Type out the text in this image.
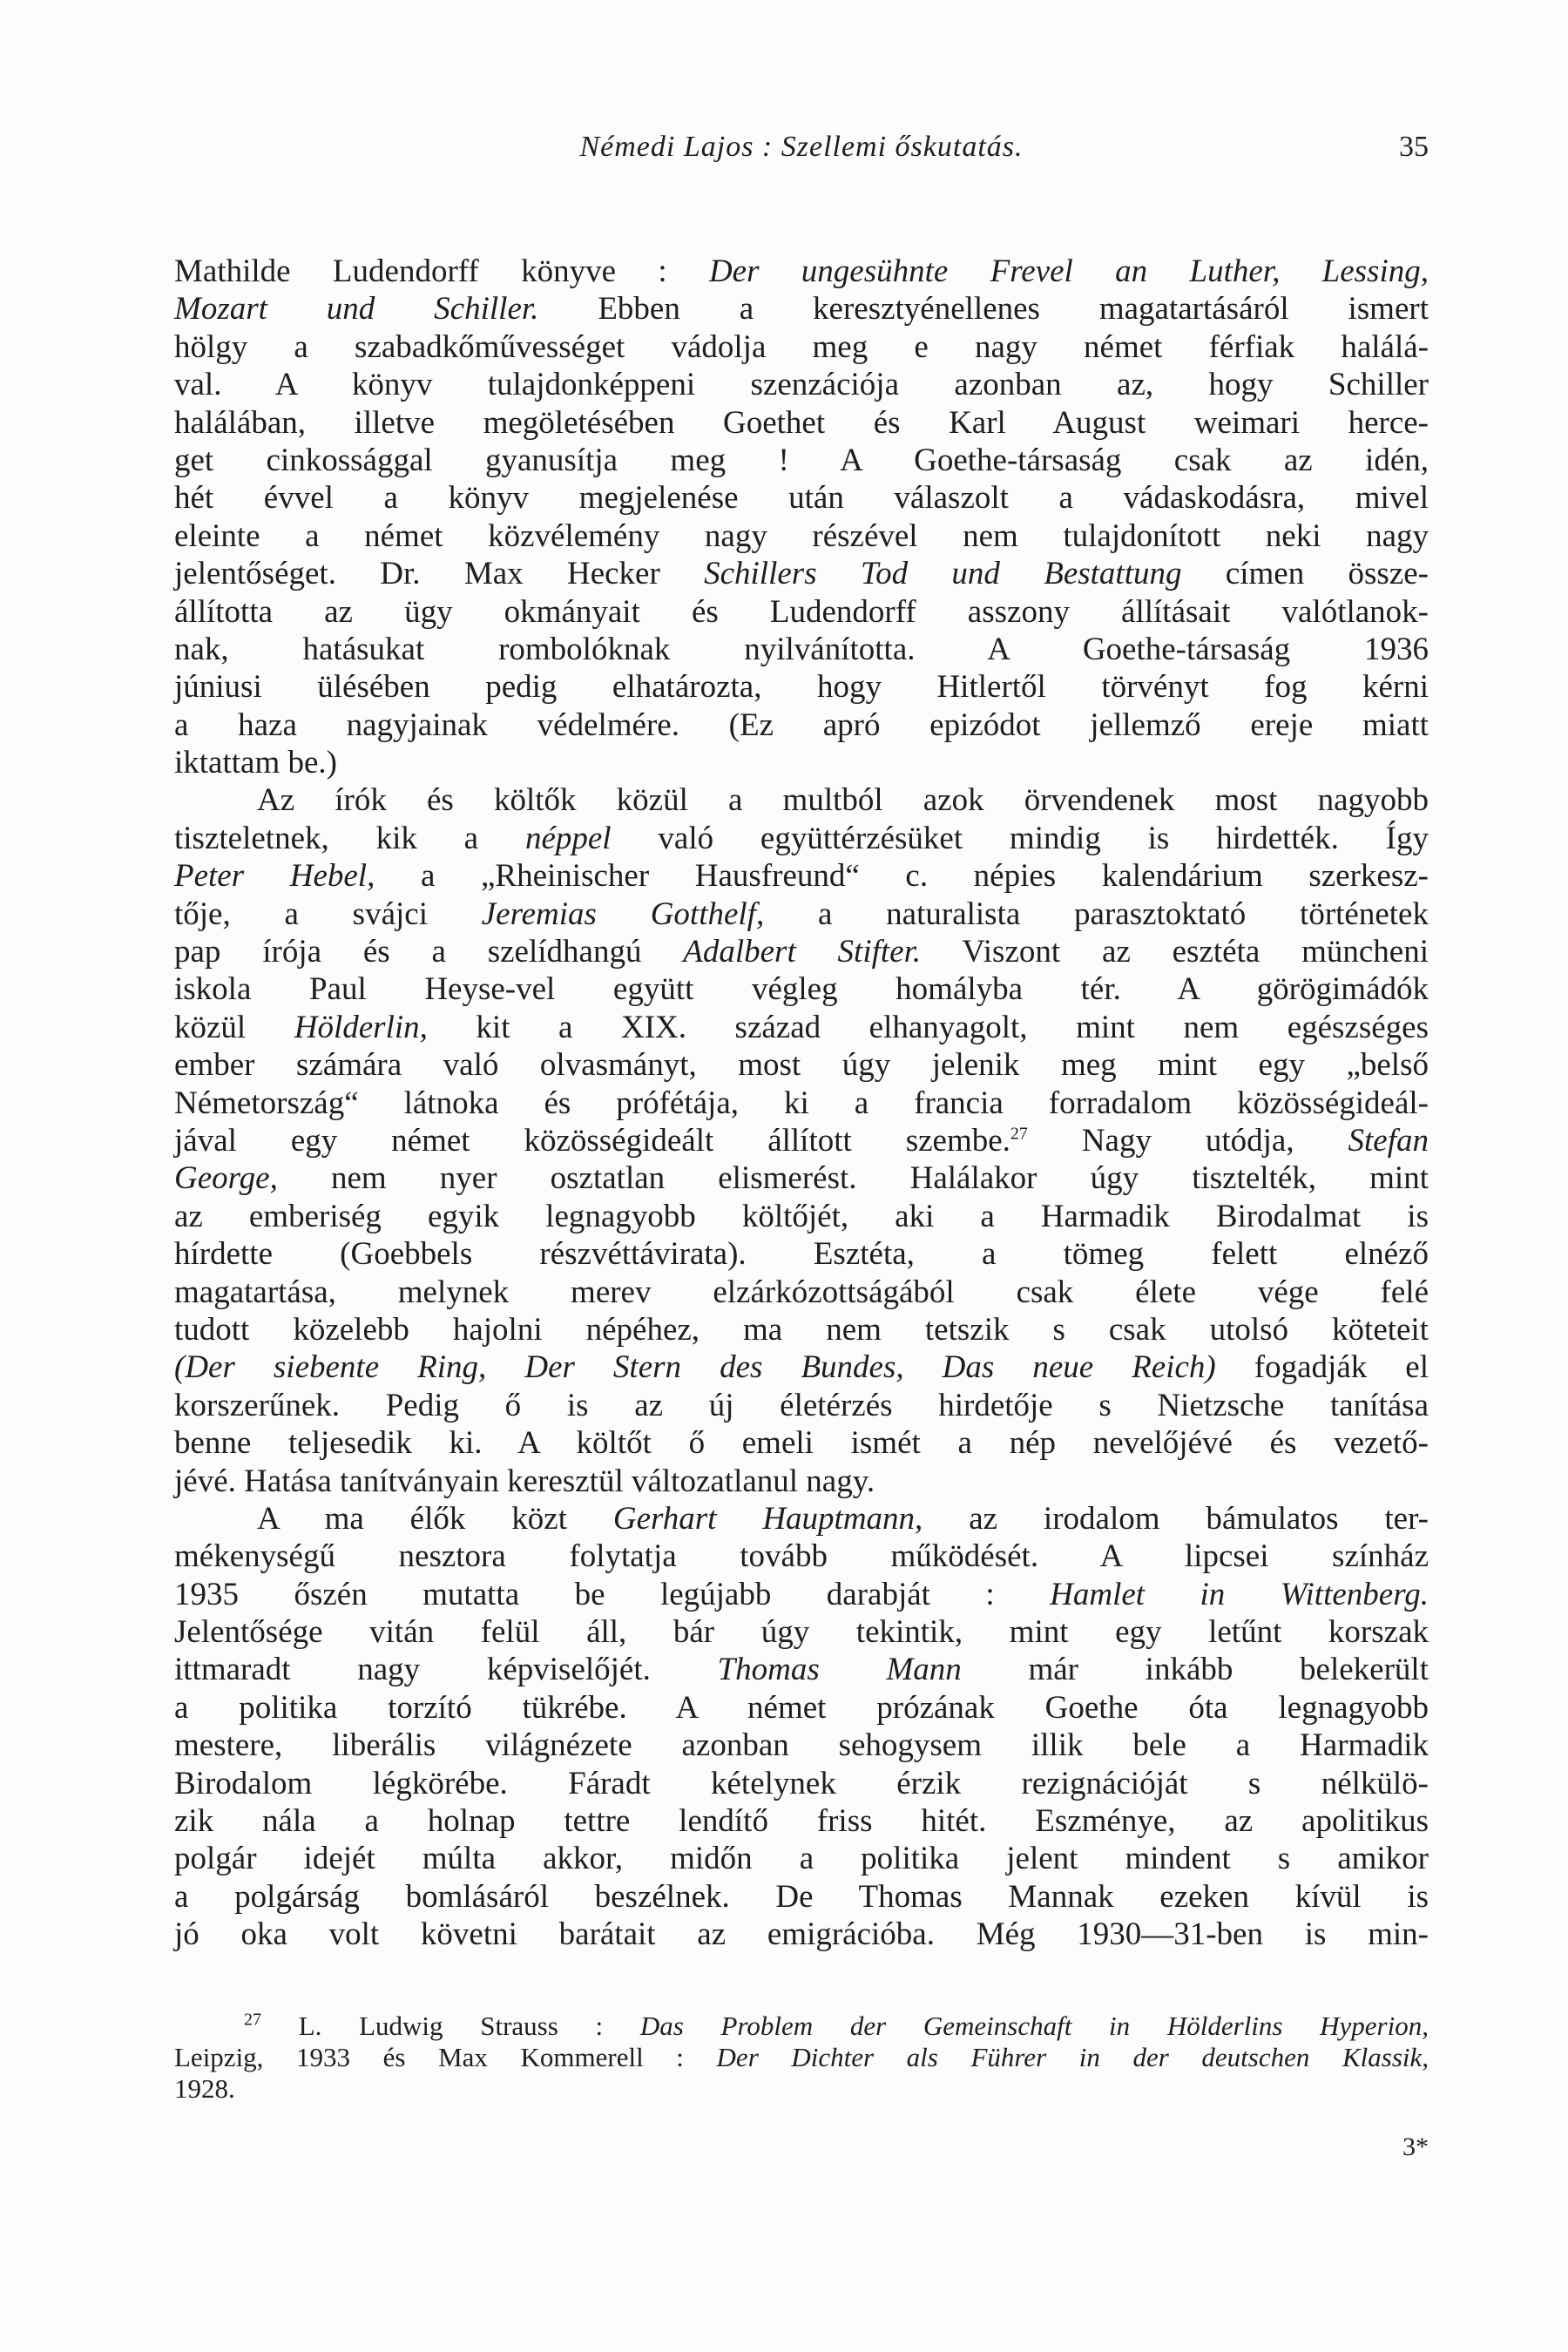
Némedi Lajos : Szellemi őskutatás.	35
Mathilde Ludendorff könyve : Der ungesühnte Frevel an Luther, Lessing,
Mozart und Schiller. Ebben a keresztyénellenes magatartásáról ismert
hölgy a szabadkőművességet vádolja meg e nagy német férfiak halálá-
val. A könyv tulajdonképpeni szenzációja azonban az, hogy Schiller
halálában, illetve megöletésében Goethet és Karl August weimari herce-
get cinkossággal gyanusítja meg ! A Goethe-társaság csak az idén,
hét évvel a könyv megjelenése után válaszolt a vádaskodásra, mivel
eleinte a német közvélemény nagy részével nem tulajdonított neki nagy
jelentőséget. Dr. Max Hecker Schillers Tod und Bestattung címen össze-
állította az ügy okmányait és Ludendorff asszony állításait valótlanok-
nak, hatásukat rombolóknak nyilvánította. A Goethe-társaság 1936
júniusi ülésében pedig elhatározta, hogy Hitlertől törvényt fog kérni
a haza nagyjainak védelmére. (Ez apró epizódot jellemző ereje miatt
iktattam be.)
Az írók és költők közül a multból azok örvendenek most nagyobb
tiszteletnek, kik a néppel való együttérzésüket mindig is hirdették. Így
Peter Hebel, a „Rheinischer Hausfreund“ c. népies kalendárium szerkesz-
tője, a svájci Jeremias Gotthelf, a naturalista parasztoktató történetek
pap írója és a szelídhangú Adalbert Stifter. Viszont az esztéta müncheni
iskola Paul Heyse-vel együtt végleg homályba tér. A görögimádók
közül Hölderlin, kit a XIX. század elhanyagolt, mint nem egészséges
ember számára való olvasmányt, most úgy jelenik meg mint egy „belső
Németország“ látnoka és prófétája, ki a francia forradalom közösségideál-
jával egy német közösségideált állított szembe.$^{27}$ Nagy utódja, Stefan
George, nem nyer osztatlan elismerést. Halálakor úgy tisztelték, mint
az emberiség egyik legnagyobb költőjét, aki a Harmadik Birodalmat is
hírdette (Goebbels részvéttávirata). Esztéta, a tömeg felett elnéző
magatartása, melynek merev elzárkózottságából csak élete vége felé
tudott közelebb hajolni népéhez, ma nem tetszik s csak utolsó köteteit
(Der siebente Ring, Der Stern des Bundes, Das neue Reich) fogadják el
korszerűnek. Pedig ő is az új életérzés hirdetője s Nietzsche tanítása
benne teljesedik ki. A költőt ő emeli ismét a nép nevelőjévé és vezető-
jévé. Hatása tanítványain keresztül változatlanul nagy.
A ma élők közt Gerhart Hauptmann, az irodalom bámulatos ter-
mékenységű nesztora folytatja tovább működését. A lipcsei színház
1935 őszén mutatta be legújabb darabját : Hamlet in Wittenberg.
Jelentősége vitán felül áll, bár úgy tekintik, mint egy letűnt korszak
ittmaradt nagy képviselőjét. Thomas Mann már inkább belekerült
a politika torzító tükrébe. A német prózának Goethe óta legnagyobb
mestere, liberális világnézete azonban sehogysem illik bele a Harmadik
Birodalom légkörébe. Fáradt kételynek érzik rezignációját s nélkülö-
zik nála a holnap tettre lendítő friss hitét. Eszménye, az apolitikus
polgár idejét múlta akkor, midőn a politika jelent mindent s amikor
a polgárság bomlásáról beszélnek. De Thomas Mannak ezeken kívül is
jó oka volt követni barátait az emigrációba. Még 1930—31-ben is min-
$^{27}$ L. Ludwig Strauss : Das Problem der Gemeinschaft in Hölderlins Hyperion,
Leipzig, 1933 és Max Kommerell : Der Dichter als Führer in der deutschen Klassik,
1928.
3*
